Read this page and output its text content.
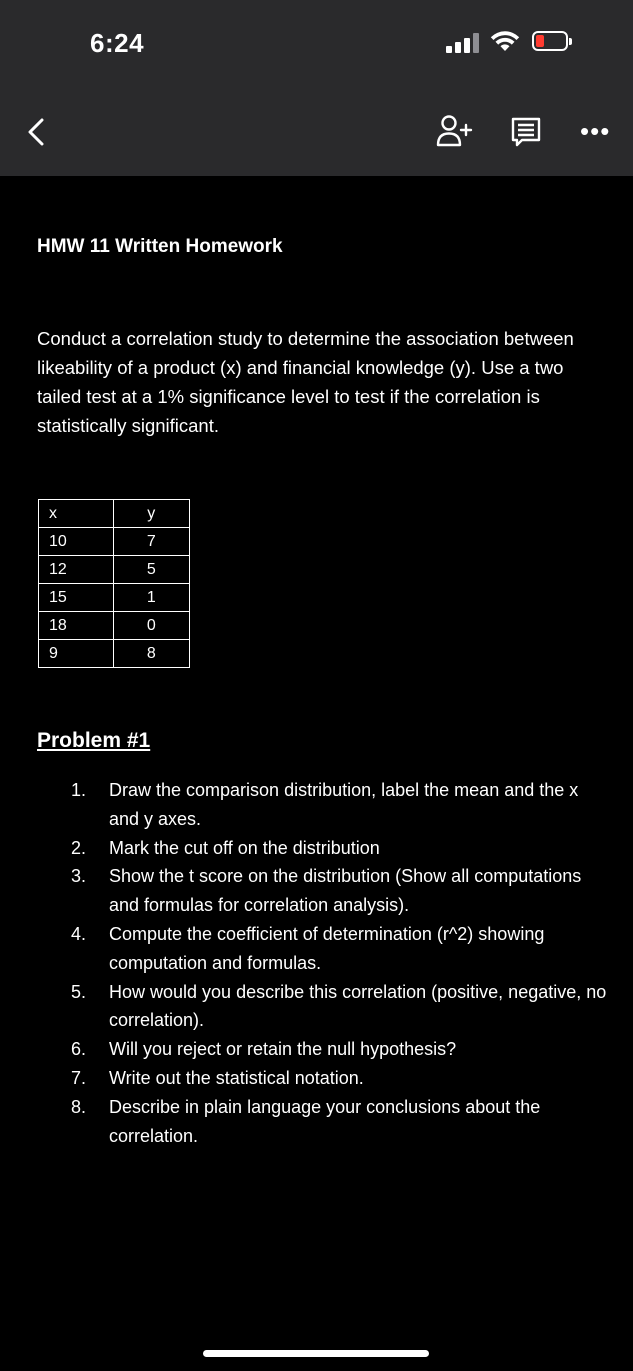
6:24
•••
HMW 11 Written Homework
Conduct a correlation study to determine the association between likeability of a product (x) and financial knowledge (y). Use a two tailed test at a 1% significance level to test if the correlation is statistically significant.
x	y
10	7
12	5
15	1
18	0
9	8
Problem #1
1. Draw the comparison distribution, label the mean and the x and y axes.
2. Mark the cut off on the distribution
3. Show the t score on the distribution (Show all computations and formulas for correlation analysis).
4. Compute the coefficient of determination (r^2) showing computation and formulas.
5. How would you describe this correlation (positive, negative, no correlation).
6. Will you reject or retain the null hypothesis?
7. Write out the statistical notation.
8. Describe in plain language your conclusions about the correlation.
